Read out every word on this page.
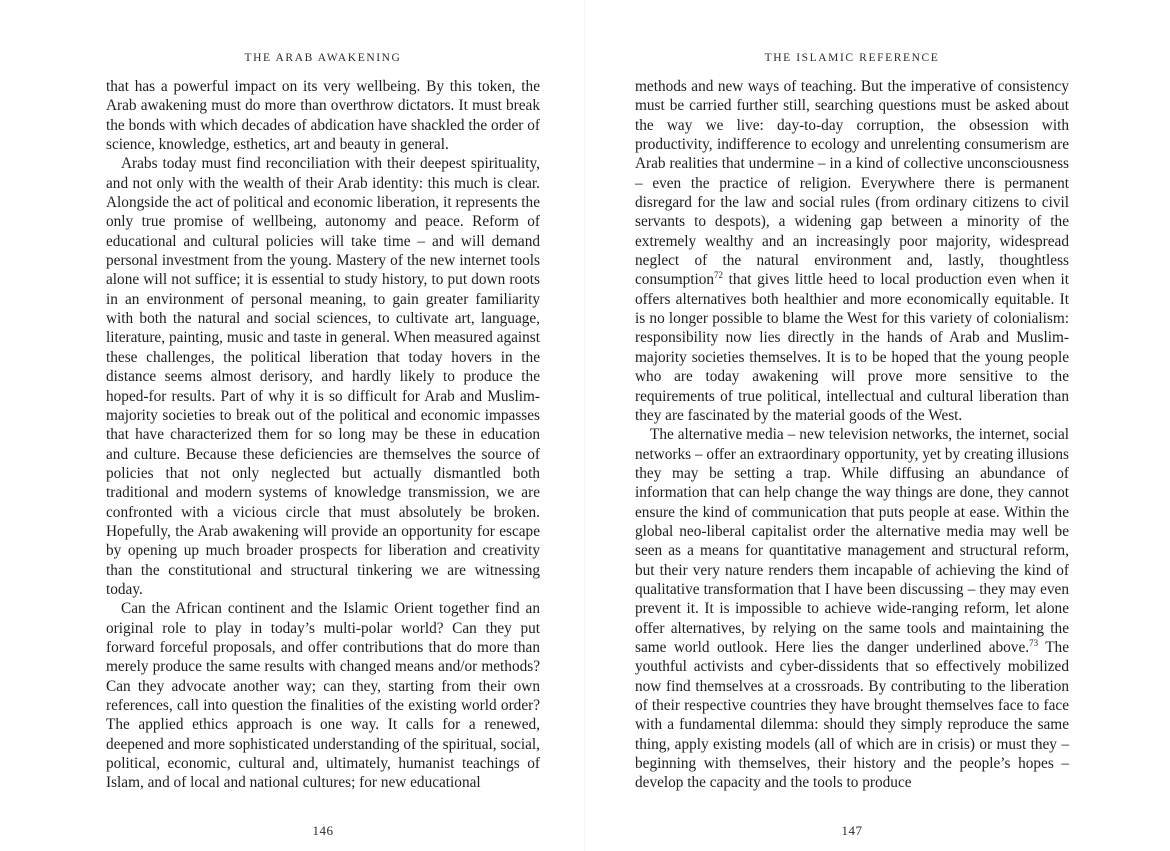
THE ARAB AWAKENING

that has a powerful impact on its very wellbeing. By this token, the Arab awakening must do more than overthrow dictators. It must break the bonds with which decades of abdication have shackled the order of science, knowledge, esthetics, art and beauty in general.

Arabs today must find reconciliation with their deepest spirituality, and not only with the wealth of their Arab identity: this much is clear. Alongside the act of political and economic liberation, it represents the only true promise of wellbeing, autonomy and peace. Reform of educational and cultural policies will take time – and will demand personal investment from the young. Mastery of the new internet tools alone will not suffice; it is essential to study history, to put down roots in an environment of personal meaning, to gain greater familiarity with both the natural and social sciences, to cultivate art, language, literature, painting, music and taste in general. When measured against these challenges, the political liberation that today hovers in the distance seems almost derisory, and hardly likely to produce the hoped-for results. Part of why it is so difficult for Arab and Muslim-majority societies to break out of the political and economic impasses that have characterized them for so long may be these in education and culture. Because these deficiencies are themselves the source of policies that not only neglected but actually dismantled both traditional and modern systems of knowledge transmission, we are confronted with a vicious circle that must absolutely be broken. Hopefully, the Arab awakening will provide an opportunity for escape by opening up much broader prospects for liberation and creativity than the constitutional and structural tinkering we are witnessing today.

Can the African continent and the Islamic Orient together find an original role to play in today’s multi-polar world? Can they put forward forceful proposals, and offer contributions that do more than merely produce the same results with changed means and/or methods? Can they advocate another way; can they, starting from their own references, call into question the finalities of the existing world order? The applied ethics approach is one way. It calls for a renewed, deepened and more sophisticated understanding of the spiritual, social, political, economic, cultural and, ultimately, humanist teachings of Islam, and of local and national cultures; for new educational

146
THE ISLAMIC REFERENCE

methods and new ways of teaching. But the imperative of consistency must be carried further still, searching questions must be asked about the way we live: day-to-day corruption, the obsession with productivity, indifference to ecology and unrelenting consumerism are Arab realities that undermine – in a kind of collective unconsciousness – even the practice of religion. Everywhere there is permanent disregard for the law and social rules (from ordinary citizens to civil servants to despots), a widening gap between a minority of the extremely wealthy and an increasingly poor majority, widespread neglect of the natural environment and, lastly, thoughtless consumption$^{72}$ that gives little heed to local production even when it offers alternatives both healthier and more economically equitable. It is no longer possible to blame the West for this variety of colonialism: responsibility now lies directly in the hands of Arab and Muslim-majority societies themselves. It is to be hoped that the young people who are today awakening will prove more sensitive to the requirements of true political, intellectual and cultural liberation than they are fascinated by the material goods of the West.

The alternative media – new television networks, the internet, social networks – offer an extraordinary opportunity, yet by creating illusions they may be setting a trap. While diffusing an abundance of information that can help change the way things are done, they cannot ensure the kind of communication that puts people at ease. Within the global neo-liberal capitalist order the alternative media may well be seen as a means for quantitative management and structural reform, but their very nature renders them incapable of achieving the kind of qualitative transformation that I have been discussing – they may even prevent it. It is impossible to achieve wide-ranging reform, let alone offer alternatives, by relying on the same tools and maintaining the same world outlook. Here lies the danger underlined above.$^{73}$ The youthful activists and cyber-dissidents that so effectively mobilized now find themselves at a crossroads. By contributing to the liberation of their respective countries they have brought themselves face to face with a fundamental dilemma: should they simply reproduce the same thing, apply existing models (all of which are in crisis) or must they – beginning with themselves, their history and the people’s hopes – develop the capacity and the tools to produce

147
